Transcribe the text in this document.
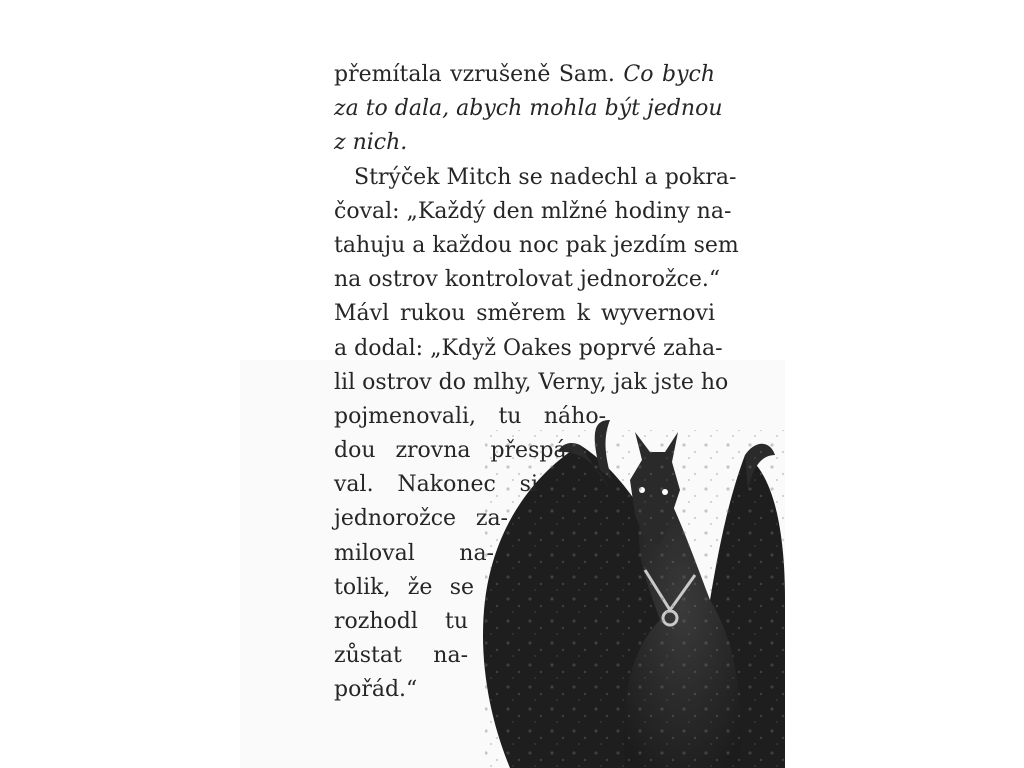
přemítala vzrušeně Sam. Co bych
za to dala, abych mohla být jednou
z nich.
Strýček Mitch se nadechl a pokra-
čoval: „Každý den mlžné hodiny na-
tahuju a každou noc pak jezdím sem
na ostrov kontrolovat jednorožce.“
Mávl rukou směrem k wyvernovi
a dodal: „Když Oakes poprvé zaha-
lil ostrov do mlhy, Verny, jak jste ho
pojmenovali, tu náho-
dou zrovna přespá-
val. Nakonec si
jednorožce za-
miloval na-
tolik, že se
rozhodl tu
zůstat na-
pořád.“
